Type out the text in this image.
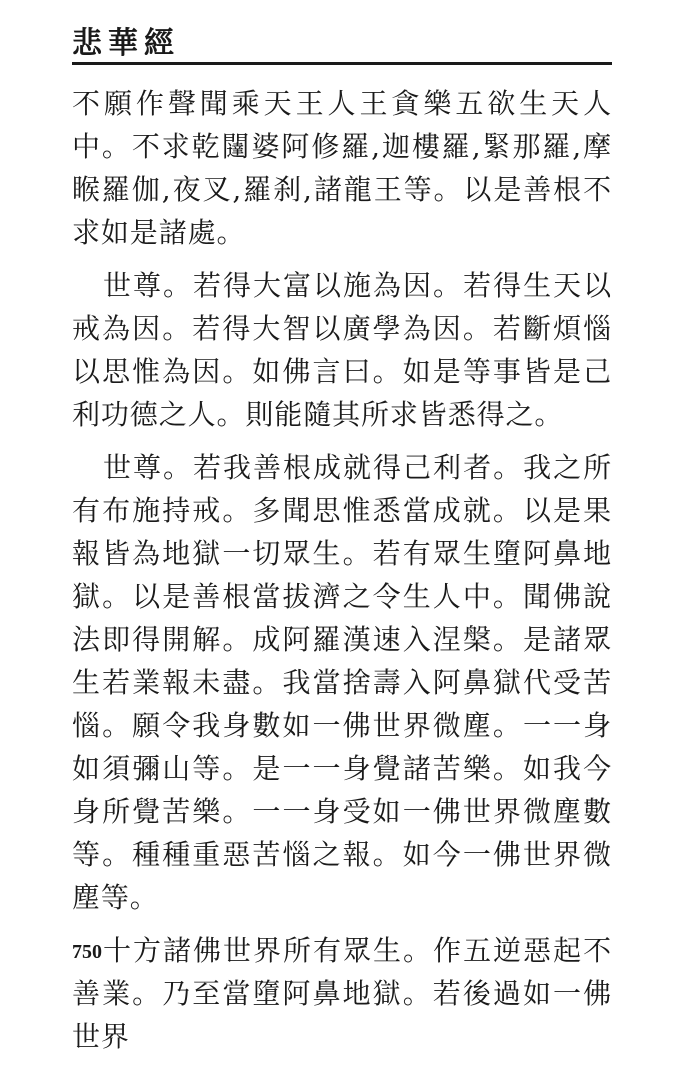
悲華經

不願作聲聞乘天王人王貪樂五欲生天人中。不求乾闥婆阿修羅,迦樓羅,緊那羅,摩睺羅伽,夜叉,羅刹,諸龍王等。以是善根不求如是諸處。

世尊。若得大富以施為因。若得生天以戒為因。若得大智以廣學為因。若斷煩惱以思惟為因。如佛言曰。如是等事皆是己利功德之人。則能隨其所求皆悉得之。

世尊。若我善根成就得己利者。我之所有布施持戒。多聞思惟悉當成就。以是果報皆為地獄一切眾生。若有眾生墮阿鼻地獄。以是善根當拔濟之令生人中。聞佛說法即得開解。成阿羅漢速入涅槃。是諸眾生若業報未盡。我當捨壽入阿鼻獄代受苦惱。願令我身數如一佛世界微塵。一一身如須彌山等。是一一身覺諸苦樂。如我今身所覺苦樂。一一身受如一佛世界微塵數等。種種重惡苦惱之報。如今一佛世界微塵等。

十方諸佛世界所有眾生。作五逆惡起不善業。乃至當墮阿鼻地獄。若後過如一佛世界

750
